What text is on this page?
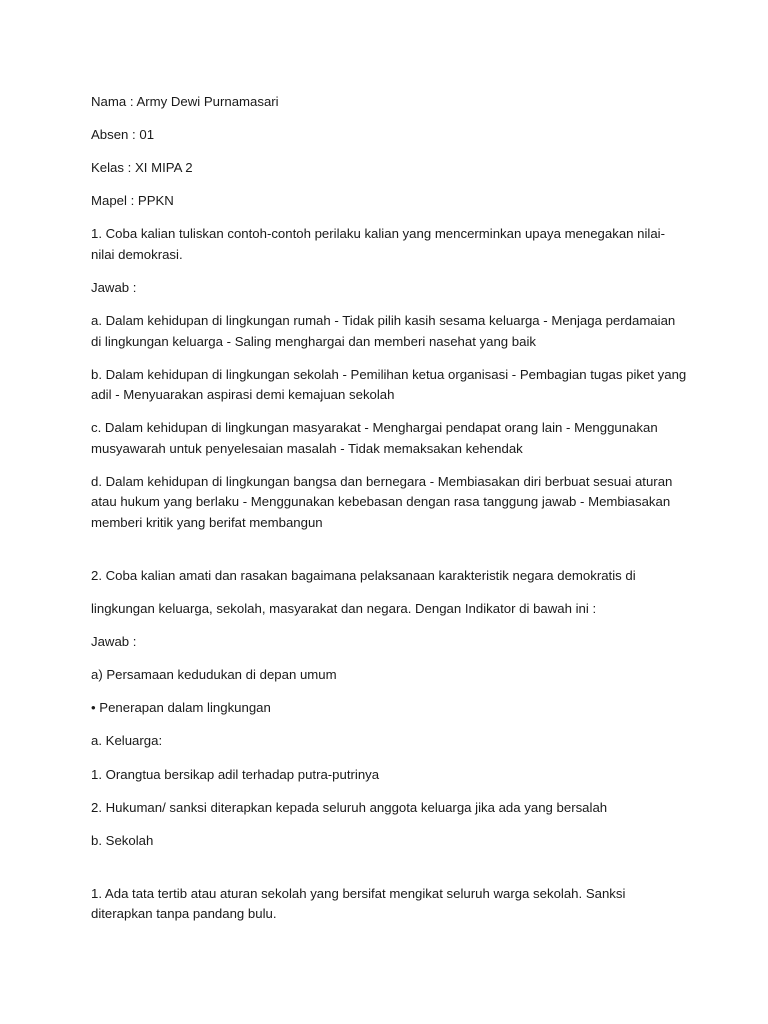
Nama : Army Dewi Purnamasari

Absen : 01

Kelas : XI MIPA 2

Mapel : PPKN

1. Coba kalian tuliskan contoh-contoh perilaku kalian yang mencerminkan upaya menegakan nilai-nilai demokrasi.

Jawab :

a. Dalam kehidupan di lingkungan rumah - Tidak pilih kasih sesama keluarga - Menjaga perdamaian di lingkungan keluarga - Saling menghargai dan memberi nasehat yang baik

b. Dalam kehidupan di lingkungan sekolah - Pemilihan ketua organisasi - Pembagian tugas piket yang adil - Menyuarakan aspirasi demi kemajuan sekolah

c. Dalam kehidupan di lingkungan masyarakat - Menghargai pendapat orang lain - Menggunakan musyawarah untuk penyelesaian masalah - Tidak memaksakan kehendak

d. Dalam kehidupan di lingkungan bangsa dan bernegara - Membiasakan diri berbuat sesuai aturan atau hukum yang berlaku - Menggunakan kebebasan dengan rasa tanggung jawab - Membiasakan memberi kritik yang berifat membangun

2. Coba kalian amati dan rasakan bagaimana pelaksanaan karakteristik negara demokratis di

lingkungan keluarga, sekolah, masyarakat dan negara. Dengan Indikator di bawah ini :

Jawab :

a) Persamaan kedudukan di depan umum

• Penerapan dalam lingkungan

a. Keluarga:

1. Orangtua bersikap adil terhadap putra-putrinya

2. Hukuman/ sanksi diterapkan kepada seluruh anggota keluarga jika ada yang bersalah

b. Sekolah

1. Ada tata tertib atau aturan sekolah yang bersifat mengikat seluruh warga sekolah. Sanksi diterapkan tanpa pandang bulu.
